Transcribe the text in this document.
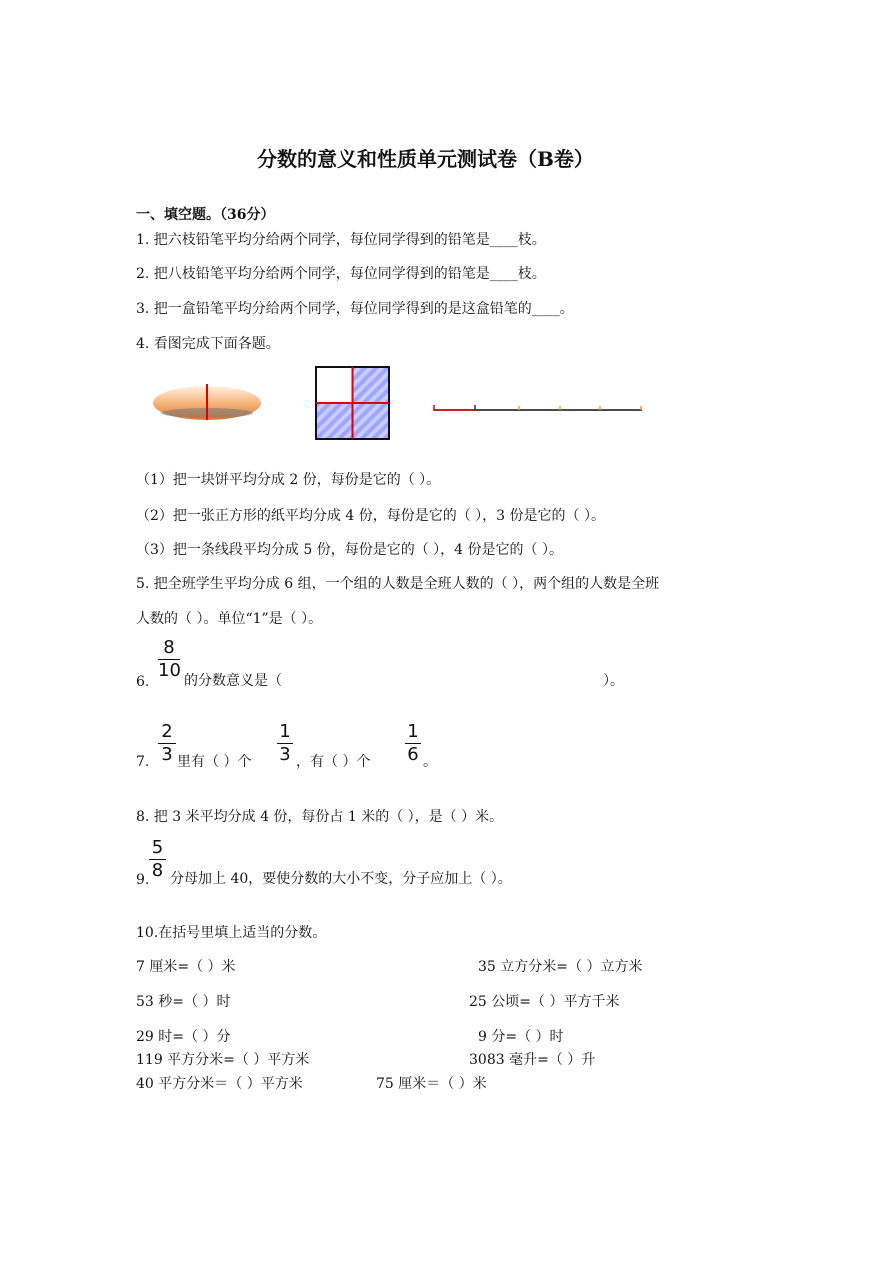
分数的意义和性质单元测试卷（B卷）
一、填空题。（36分）
1. 把六枝铅笔平均分给两个同学，每位同学得到的铅笔是____枝。
2. 把八枝铅笔平均分给两个同学，每位同学得到的铅笔是____枝。
3. 把一盒铅笔平均分给两个同学，每位同学得到的是这盒铅笔的____。
4. 看图完成下面各题。
（1）把一块饼平均分成 2 份，每份是它的（ ）。
（2）把一张正方形的纸平均分成 4 份，每份是它的（ ），3 份是它的（ ）。
（3）把一条线段平均分成 5 份，每份是它的（ ），4 份是它的（ ）。
5. 把全班学生平均分成 6 组，一个组的人数是全班人数的（ ），两个组的人数是全班
人数的（ ）。单位“1”是（ ）。
6.
8
10 的分数意义是（	）。
7.
2
3 里有（ ）个
1
3 ，有（ ）个
1
6 。
8. 把 3 米平均分成 4 份，每份占 1 米的（ ），是（ ）米。
9.
5
8 分母加上 40，要使分数的大小不变，分子应加上（ ）。
10.在括号里填上适当的分数。
7 厘米=（ ）米	35 立方分米=（ ）立方米
53 秒=（ ）时	25 公顷=（ ）平方千米
29 时=（ ）分	9 分=（ ）时
119 平方分米=（ ）平方米	3083 毫升=（ ）升
40 平方分米＝（ ）平方米	75 厘米＝（ ）米
